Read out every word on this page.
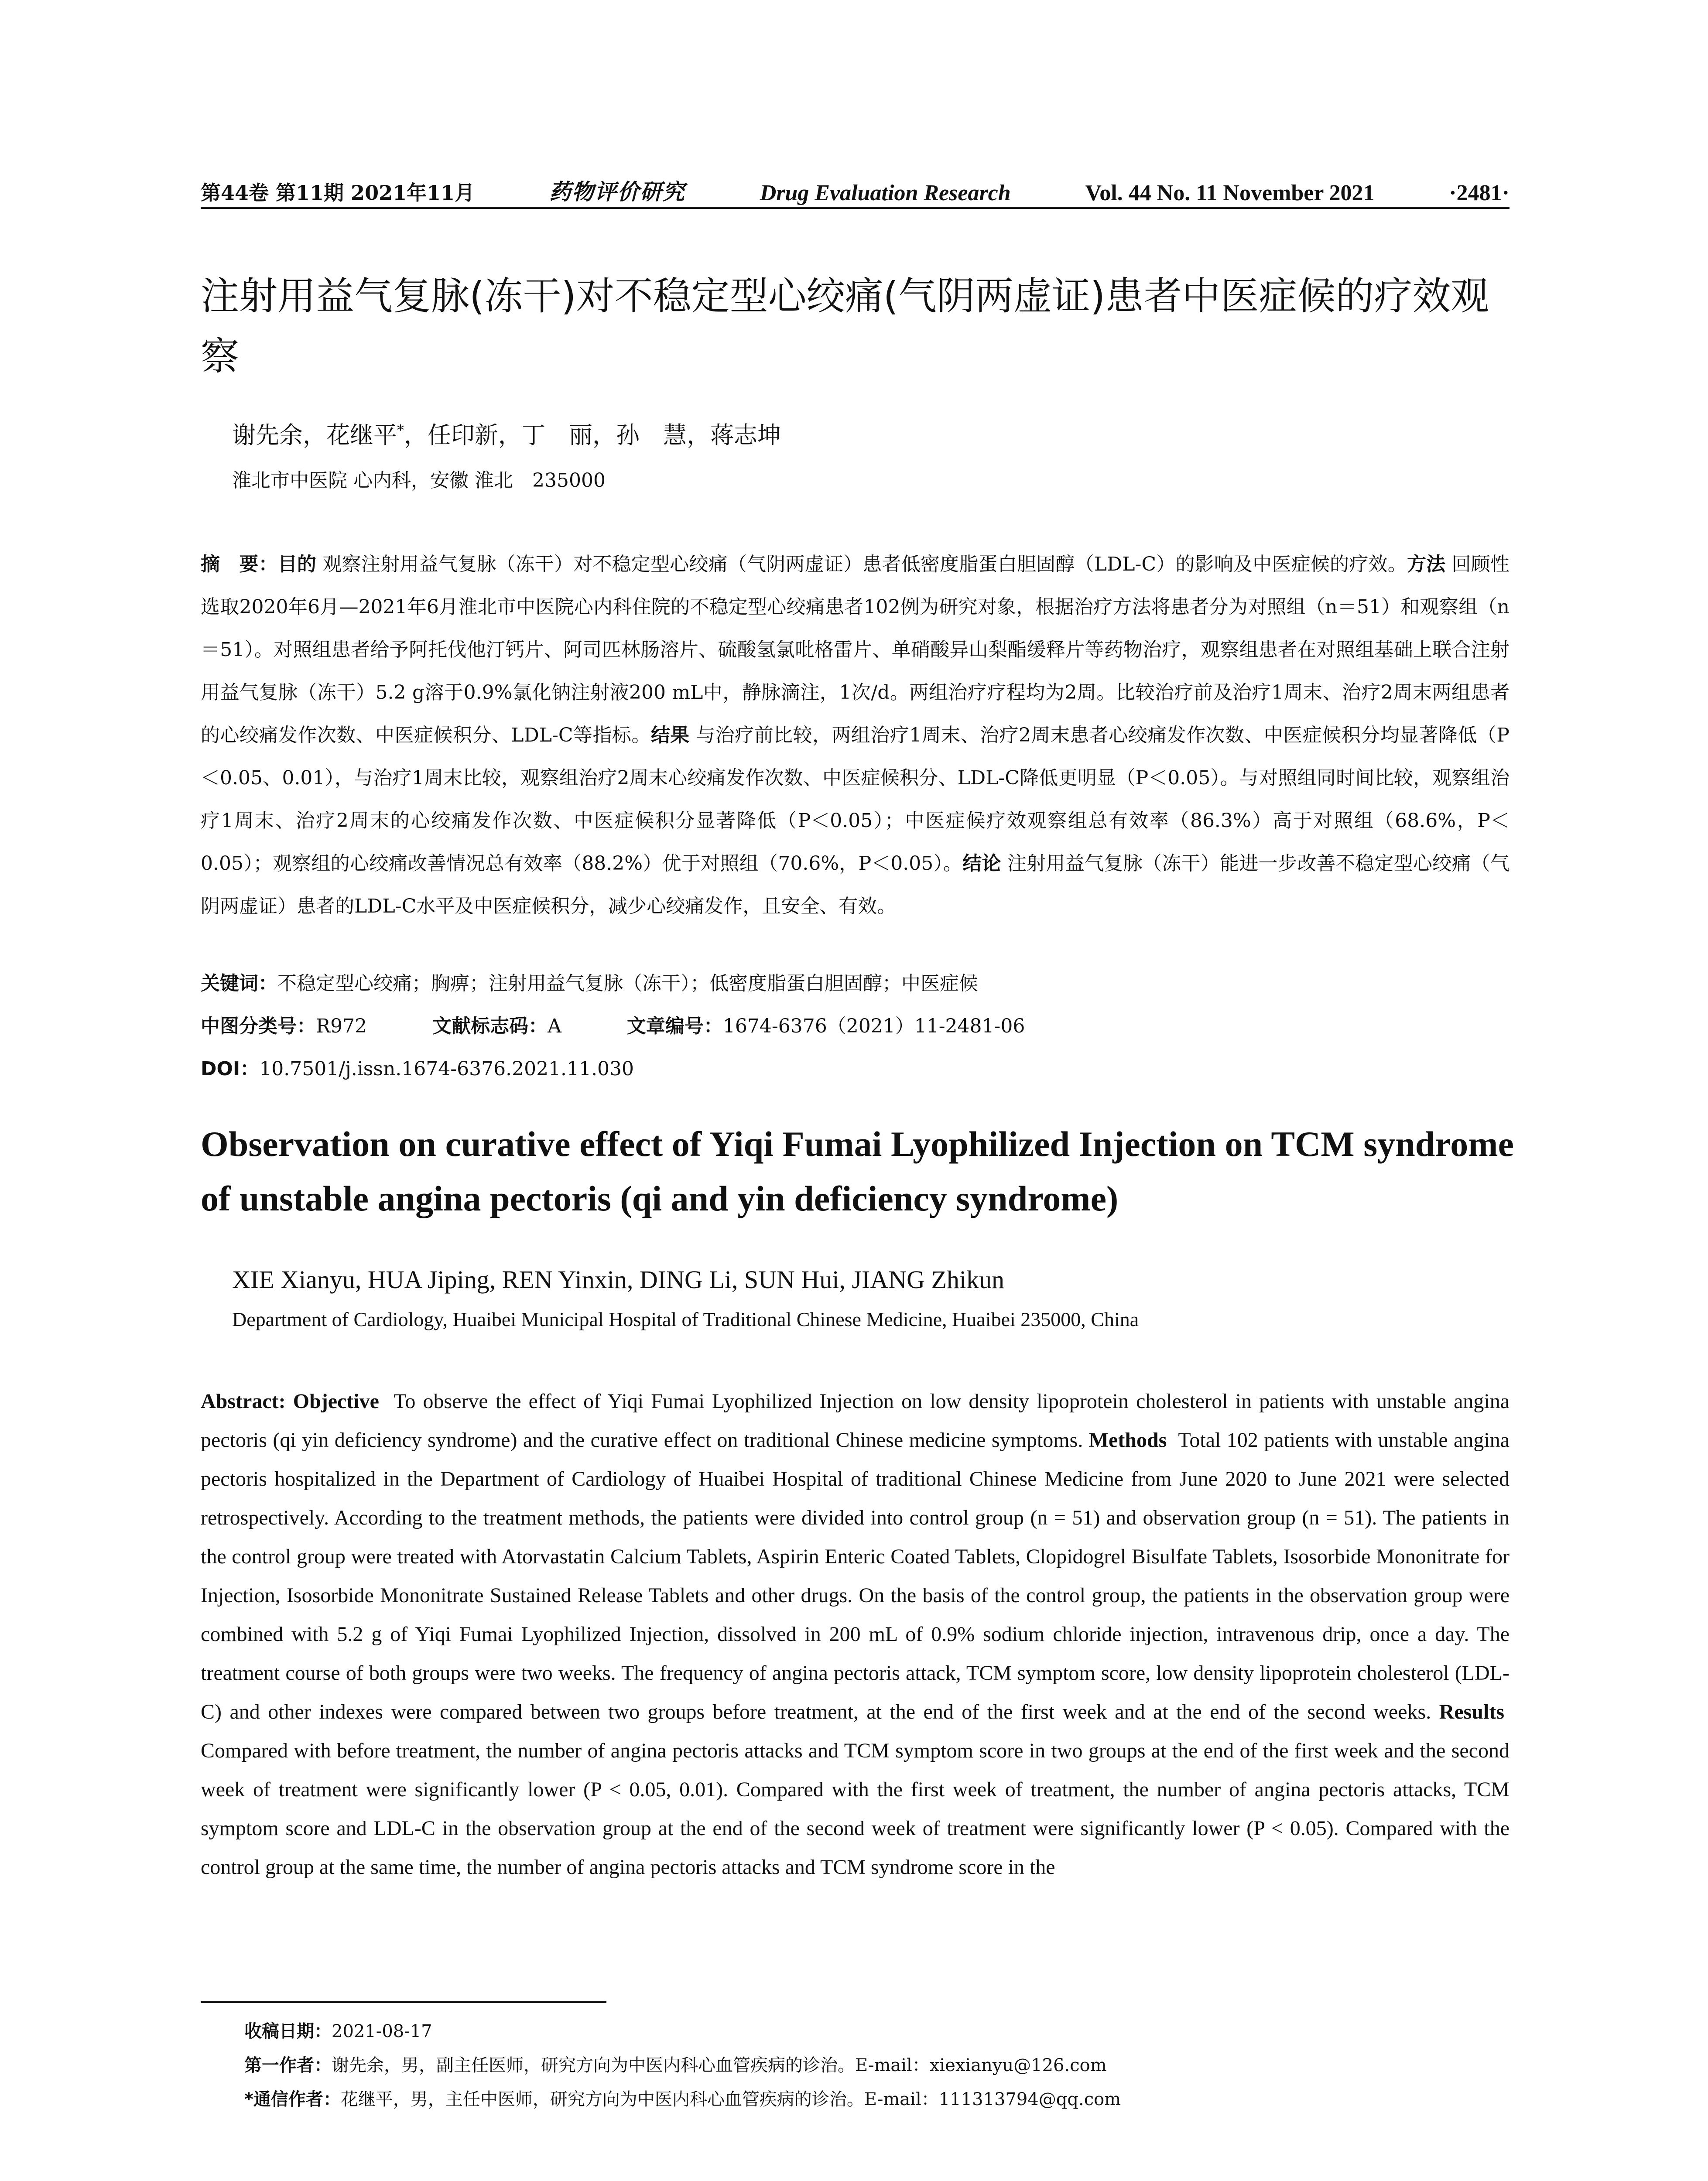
第44卷 第11期 2021年11月	药物评价研究	Drug Evaluation Research	Vol. 44 No. 11 November 2021	·2481·
注射用益气复脉(冻干)对不稳定型心绞痛(气阴两虚证)患者中医症候的疗效观察
谢先余，花继平*，任印新，丁　丽，孙　慧，蒋志坤
淮北市中医院 心内科，安徽 淮北　235000
摘　要：目的 观察注射用益气复脉（冻干）对不稳定型心绞痛（气阴两虚证）患者低密度脂蛋白胆固醇（LDL-C）的影响及中医症候的疗效。方法 回顾性选取2020年6月—2021年6月淮北市中医院心内科住院的不稳定型心绞痛患者102例为研究对象，根据治疗方法将患者分为对照组（n＝51）和观察组（n＝51）。对照组患者给予阿托伐他汀钙片、阿司匹林肠溶片、硫酸氢氯吡格雷片、单硝酸异山梨酯缓释片等药物治疗，观察组患者在对照组基础上联合注射用益气复脉（冻干）5.2 g溶于0.9%氯化钠注射液200 mL中，静脉滴注，1次/d。两组治疗疗程均为2周。比较治疗前及治疗1周末、治疗2周末两组患者的心绞痛发作次数、中医症候积分、LDL-C等指标。结果 与治疗前比较，两组治疗1周末、治疗2周末患者心绞痛发作次数、中医症候积分均显著降低（P＜0.05、0.01），与治疗1周末比较，观察组治疗2周末心绞痛发作次数、中医症候积分、LDL-C降低更明显（P＜0.05）。与对照组同时间比较，观察组治疗1周末、治疗2周末的心绞痛发作次数、中医症候积分显著降低（P＜0.05）；中医症候疗效观察组总有效率（86.3%）高于对照组（68.6%，P＜0.05）；观察组的心绞痛改善情况总有效率（88.2%）优于对照组（70.6%，P＜0.05）。结论 注射用益气复脉（冻干）能进一步改善不稳定型心绞痛（气阴两虚证）患者的LDL-C水平及中医症候积分，减少心绞痛发作，且安全、有效。
关键词：不稳定型心绞痛；胸痹；注射用益气复脉（冻干）；低密度脂蛋白胆固醇；中医症候
中图分类号：R972	文献标志码：A	文章编号：1674-6376（2021）11-2481-06
DOI：10.7501/j.issn.1674-6376.2021.11.030
Observation on curative effect of Yiqi Fumai Lyophilized Injection on TCM syndrome of unstable angina pectoris (qi and yin deficiency syndrome)
XIE Xianyu, HUA Jiping, REN Yinxin, DING Li, SUN Hui, JIANG Zhikun
Department of Cardiology, Huaibei Municipal Hospital of Traditional Chinese Medicine, Huaibei 235000, China
Abstract: Objective To observe the effect of Yiqi Fumai Lyophilized Injection on low density lipoprotein cholesterol in patients with unstable angina pectoris (qi yin deficiency syndrome) and the curative effect on traditional Chinese medicine symptoms. Methods Total 102 patients with unstable angina pectoris hospitalized in the Department of Cardiology of Huaibei Hospital of traditional Chinese Medicine from June 2020 to June 2021 were selected retrospectively. According to the treatment methods, the patients were divided into control group (n = 51) and observation group (n = 51). The patients in the control group were treated with Atorvastatin Calcium Tablets, Aspirin Enteric Coated Tablets, Clopidogrel Bisulfate Tablets, Isosorbide Mononitrate for Injection, Isosorbide Mononitrate Sustained Release Tablets and other drugs. On the basis of the control group, the patients in the observation group were combined with 5.2 g of Yiqi Fumai Lyophilized Injection, dissolved in 200 mL of 0.9% sodium chloride injection, intravenous drip, once a day. The treatment course of both groups were two weeks. The frequency of angina pectoris attack, TCM symptom score, low density lipoprotein cholesterol (LDL-C) and other indexes were compared between two groups before treatment, at the end of the first week and at the end of the second weeks. Results  Compared with before treatment, the number of angina pectoris attacks and TCM symptom score in two groups at the end of the first week and the second week of treatment were significantly lower (P < 0.05, 0.01). Compared with the first week of treatment, the number of angina pectoris attacks, TCM symptom score and LDL-C in the observation group at the end of the second week of treatment were significantly lower (P < 0.05). Compared with the control group at the same time, the number of angina pectoris attacks and TCM syndrome score in the
收稿日期：2021-08-17
第一作者：谢先余，男，副主任医师，研究方向为中医内科心血管疾病的诊治。E-mail：xiexianyu@126.com
*通信作者：花继平，男，主任中医师，研究方向为中医内科心血管疾病的诊治。E-mail：111313794@qq.com
